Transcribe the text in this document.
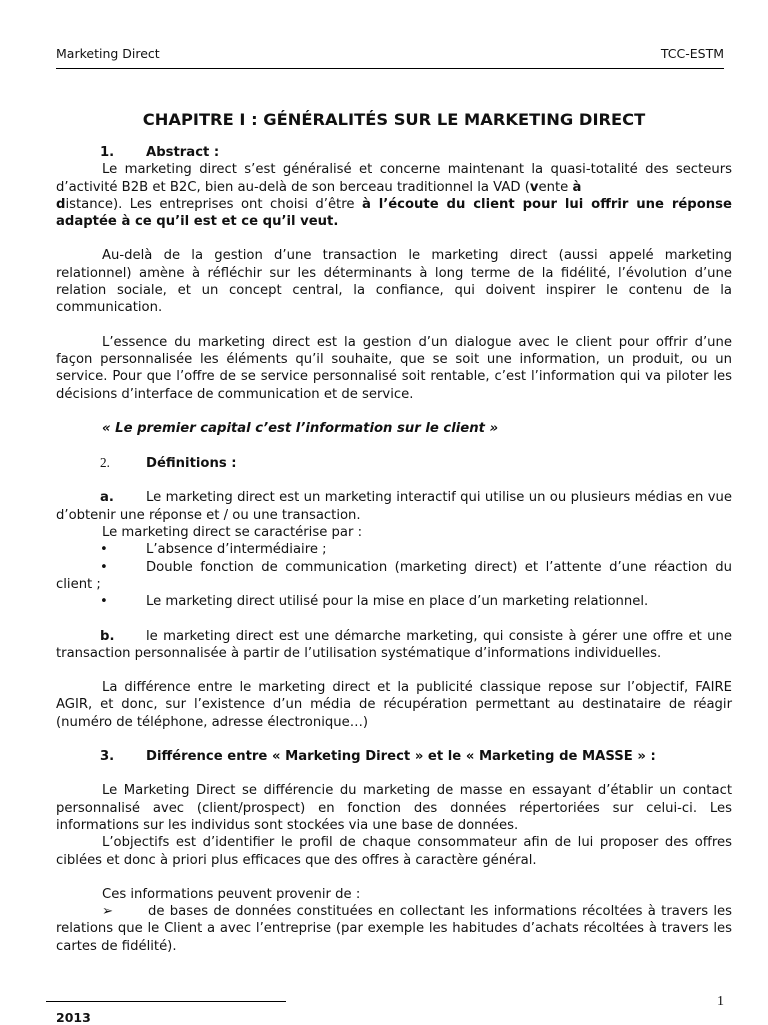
Marketing Direct	TCC-ESTM
CHAPITRE I : GÉNÉRALITÉS SUR LE MARKETING DIRECT
1. Abstract :

Le marketing direct s’est généralisé et concerne maintenant la quasi-totalité des secteurs d’activité B2B et B2C, bien au-delà de son berceau traditionnel la VAD (vente à
distance). Les entreprises ont choisi d’être à l’écoute du client pour lui offrir une réponse adaptée à ce qu’il est et ce qu’il veut.

Au-delà de la gestion d’une transaction le marketing direct (aussi appelé marketing relationnel) amène à réfléchir sur les déterminants à long terme de la fidélité, l’évolution d’une relation sociale, et un concept central, la confiance, qui doivent inspirer le contenu de la communication.

L’essence du marketing direct est la gestion d’un dialogue avec le client pour offrir d’une façon personnalisée les éléments qu’il souhaite, que se soit une information, un produit, ou un service. Pour que l’offre de se service personnalisé soit rentable, c’est l’information qui va piloter les décisions d’interface de communication et de service.

« Le premier capital c’est l’information sur le client »

2.	Définitions :

a. Le marketing direct est un marketing interactif qui utilise un ou plusieurs médias en vue d’obtenir une réponse et / ou une transaction.

Le marketing direct se caractérise par :

•	L’absence d’intermédiaire ;

•	Double fonction de communication (marketing direct) et l’attente d’une réaction du client ;

•	Le marketing direct utilisé pour la mise en place d’un marketing relationnel.

b. le marketing direct est une démarche marketing, qui consiste à gérer une offre et une transaction personnalisée à partir de l’utilisation systématique d’informations individuelles.

La différence entre le marketing direct et la publicité classique repose sur l’objectif, FAIRE AGIR, et donc, sur l’existence d’un média de récupération permettant au destinataire de réagir (numéro de téléphone, adresse électronique…)

3. Différence entre « Marketing Direct » et le « Marketing de MASSE » :

Le Marketing Direct se différencie du marketing de masse en essayant d’établir un contact personnalisé avec (client/prospect) en fonction des données répertoriées sur celui-ci. Les informations sur les individus sont stockées via une base de données.

L’objectifs est d’identifier le profil de chaque consommateur afin de lui proposer des offres ciblées et donc à priori plus efficaces que des offres à caractère général.

Ces informations peuvent provenir de :

➢	de bases de données constituées en collectant les informations récoltées à travers les relations que le Client a avec l’entreprise (par exemple les habitudes d’achats récoltées à travers les cartes de fidélité).

2013
1
